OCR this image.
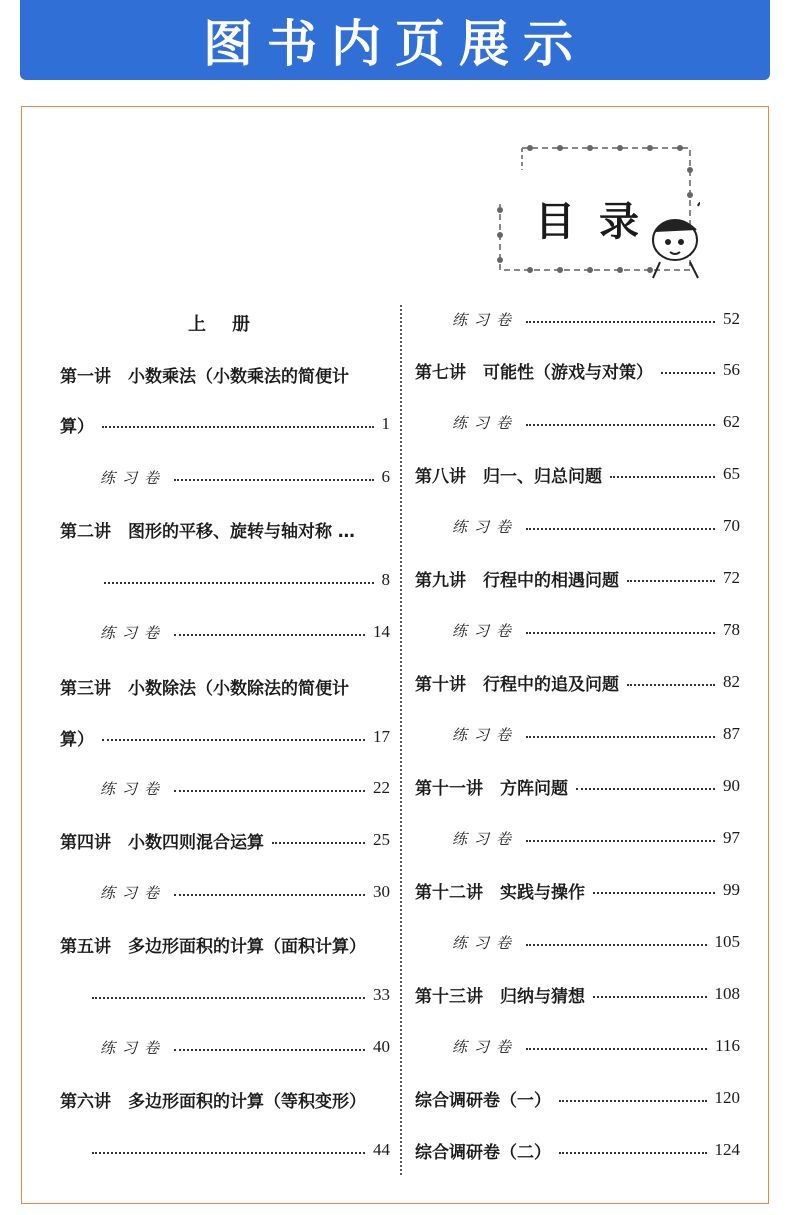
图书内页展示
目录
上册
第一讲　小数乘法（小数乘法的简便计
算）	1
练习卷	6
第二讲　图形的平移、旋转与轴对称 …
8
练习卷	14
第三讲　小数除法（小数除法的简便计
算）	17
练习卷	22
第四讲　小数四则混合运算	25
练习卷	30
第五讲　多边形面积的计算（面积计算）
33
练习卷	40
第六讲　多边形面积的计算（等积变形）
44
练习卷	52
第七讲　可能性（游戏与对策）	56
练习卷	62
第八讲　归一、归总问题	65
练习卷	70
第九讲　行程中的相遇问题	72
练习卷	78
第十讲　行程中的追及问题	82
练习卷	87
第十一讲　方阵问题	90
练习卷	97
第十二讲　实践与操作	99
练习卷	105
第十三讲　归纳与猜想	108
练习卷	116
综合调研卷（一）	120
综合调研卷（二）	124
